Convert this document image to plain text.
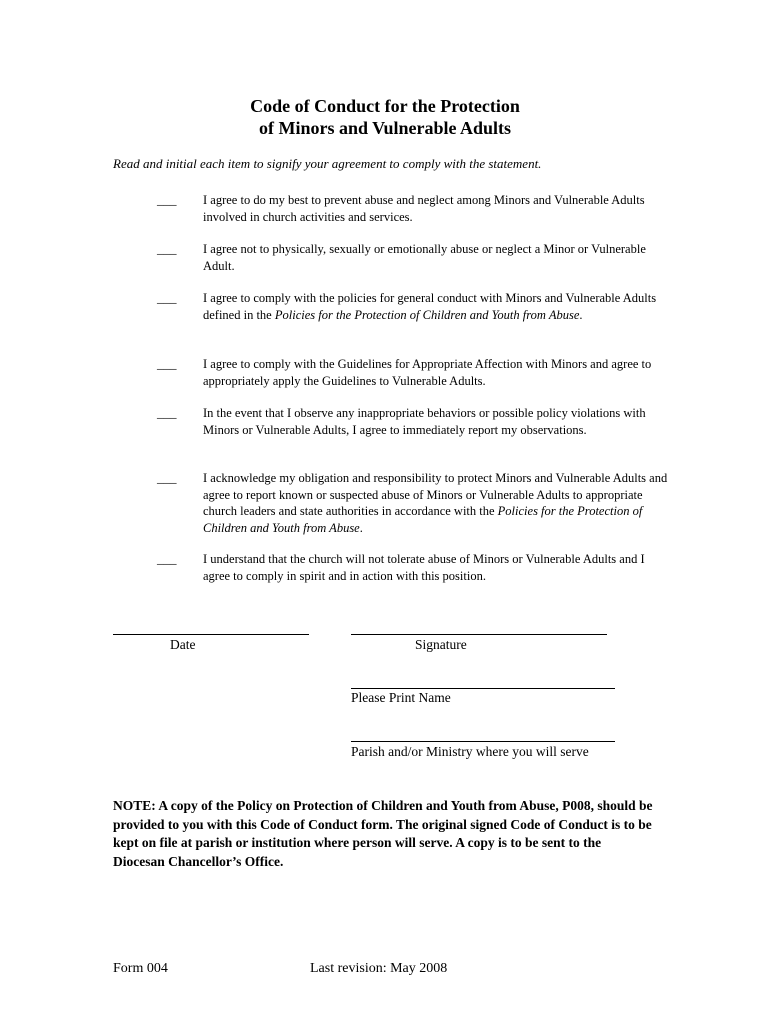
Code of Conduct for the Protection
of Minors and Vulnerable Adults
Read and initial each item to signify your agreement to comply with the statement.
___ I agree to do my best to prevent abuse and neglect among Minors and Vulnerable Adults involved in church activities and services.
___ I agree not to physically, sexually or emotionally abuse or neglect a Minor or Vulnerable Adult.
___ I agree to comply with the policies for general conduct with Minors and Vulnerable Adults defined in the Policies for the Protection of Children and Youth from Abuse.
___ I agree to comply with the Guidelines for Appropriate Affection with Minors and agree to appropriately apply the Guidelines to Vulnerable Adults.
___ In the event that I observe any inappropriate behaviors or possible policy violations with Minors or Vulnerable Adults, I agree to immediately report my observations.
___ I acknowledge my obligation and responsibility to protect Minors and Vulnerable Adults and agree to report known or suspected abuse of Minors or Vulnerable Adults to appropriate church leaders and state authorities in accordance with the Policies for the Protection of Children and Youth from Abuse.
___ I understand that the church will not tolerate abuse of Minors or Vulnerable Adults and I agree to comply in spirit and in action with this position.
Date	Signature
Please Print Name
Parish and/or Ministry where you will serve
NOTE: A copy of the Policy on Protection of Children and Youth from Abuse, P008, should be provided to you with this Code of Conduct form. The original signed Code of Conduct is to be kept on file at parish or institution where person will serve. A copy is to be sent to the Diocesan Chancellor’s Office.
Form 004	Last revision: May 2008
